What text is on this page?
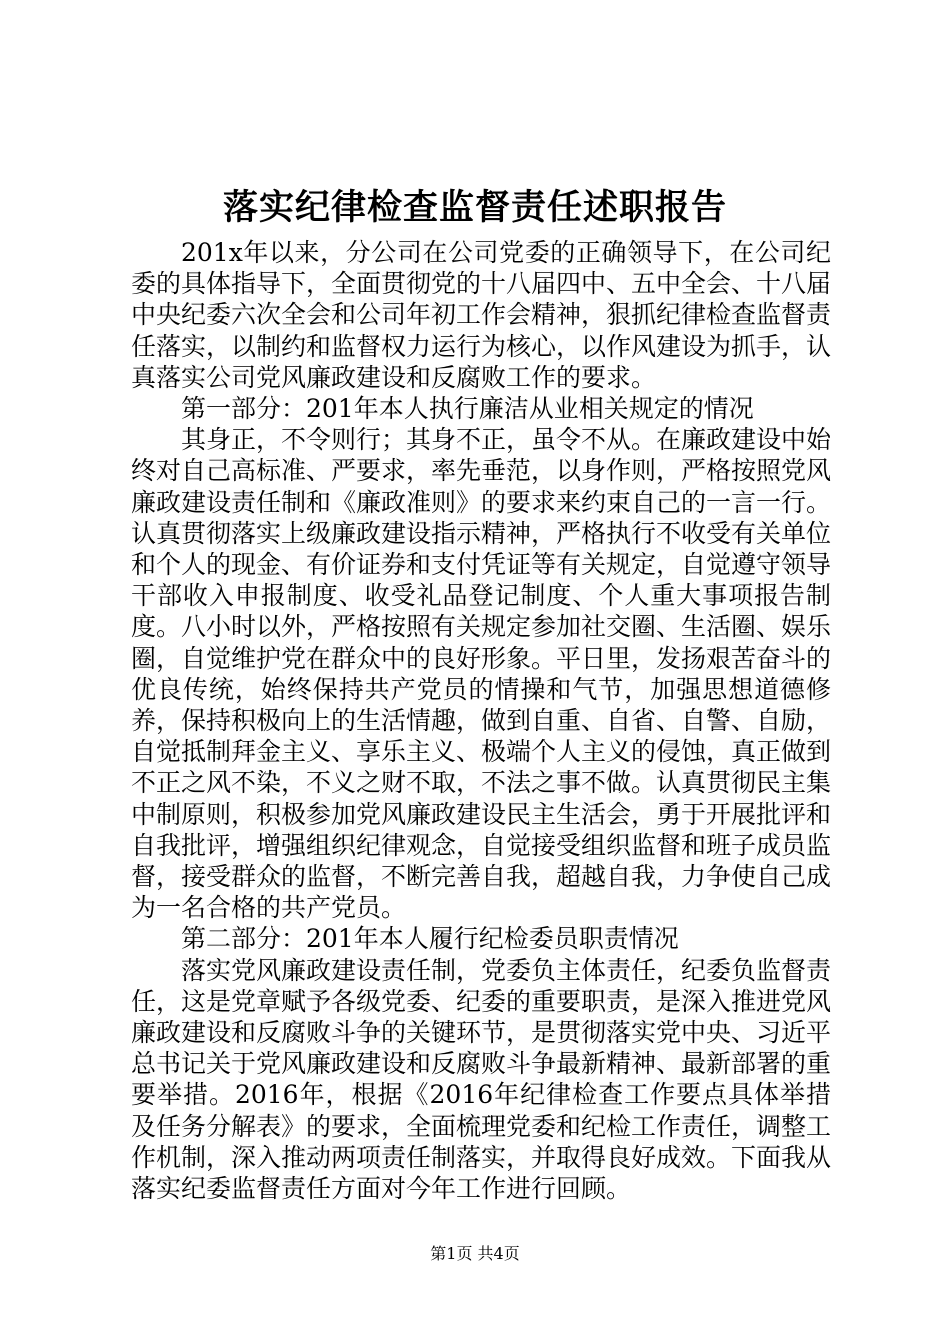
落实纪律检查监督责任述职报告

201x年以来，分公司在公司党委的正确领导下，在公司纪委的具体指导下，全面贯彻党的十八届四中、五中全会、十八届中央纪委六次全会和公司年初工作会精神，狠抓纪律检查监督责任落实，以制约和监督权力运行为核心，以作风建设为抓手，认真落实公司党风廉政建设和反腐败工作的要求。

第一部分：201年本人执行廉洁从业相关规定的情况

其身正，不令则行；其身不正，虽令不从。在廉政建设中始终对自己高标准、严要求，率先垂范，以身作则，严格按照党风廉政建设责任制和《廉政准则》的要求来约束自己的一言一行。认真贯彻落实上级廉政建设指示精神，严格执行不收受有关单位和个人的现金、有价证券和支付凭证等有关规定，自觉遵守领导干部收入申报制度、收受礼品登记制度、个人重大事项报告制度。八小时以外，严格按照有关规定参加社交圈、生活圈、娱乐圈，自觉维护党在群众中的良好形象。平日里，发扬艰苦奋斗的优良传统，始终保持共产党员的情操和气节，加强思想道德修养，保持积极向上的生活情趣，做到自重、自省、自警、自励，自觉抵制拜金主义、享乐主义、极端个人主义的侵蚀，真正做到不正之风不染，不义之财不取，不法之事不做。认真贯彻民主集中制原则，积极参加党风廉政建设民主生活会，勇于开展批评和自我批评，增强组织纪律观念，自觉接受组织监督和班子成员监督，接受群众的监督，不断完善自我，超越自我，力争使自己成为一名合格的共产党员。

第二部分：201年本人履行纪检委员职责情况

落实党风廉政建设责任制，党委负主体责任，纪委负监督责任，这是党章赋予各级党委、纪委的重要职责，是深入推进党风廉政建设和反腐败斗争的关键环节，是贯彻落实党中央、习近平总书记关于党风廉政建设和反腐败斗争最新精神、最新部署的重要举措。2016年，根据《2016年纪律检查工作要点具体举措及任务分解表》的要求，全面梳理党委和纪检工作责任，调整工作机制，深入推动两项责任制落实，并取得良好成效。下面我从落实纪委监督责任方面对今年工作进行回顾。

第1页 共4页
